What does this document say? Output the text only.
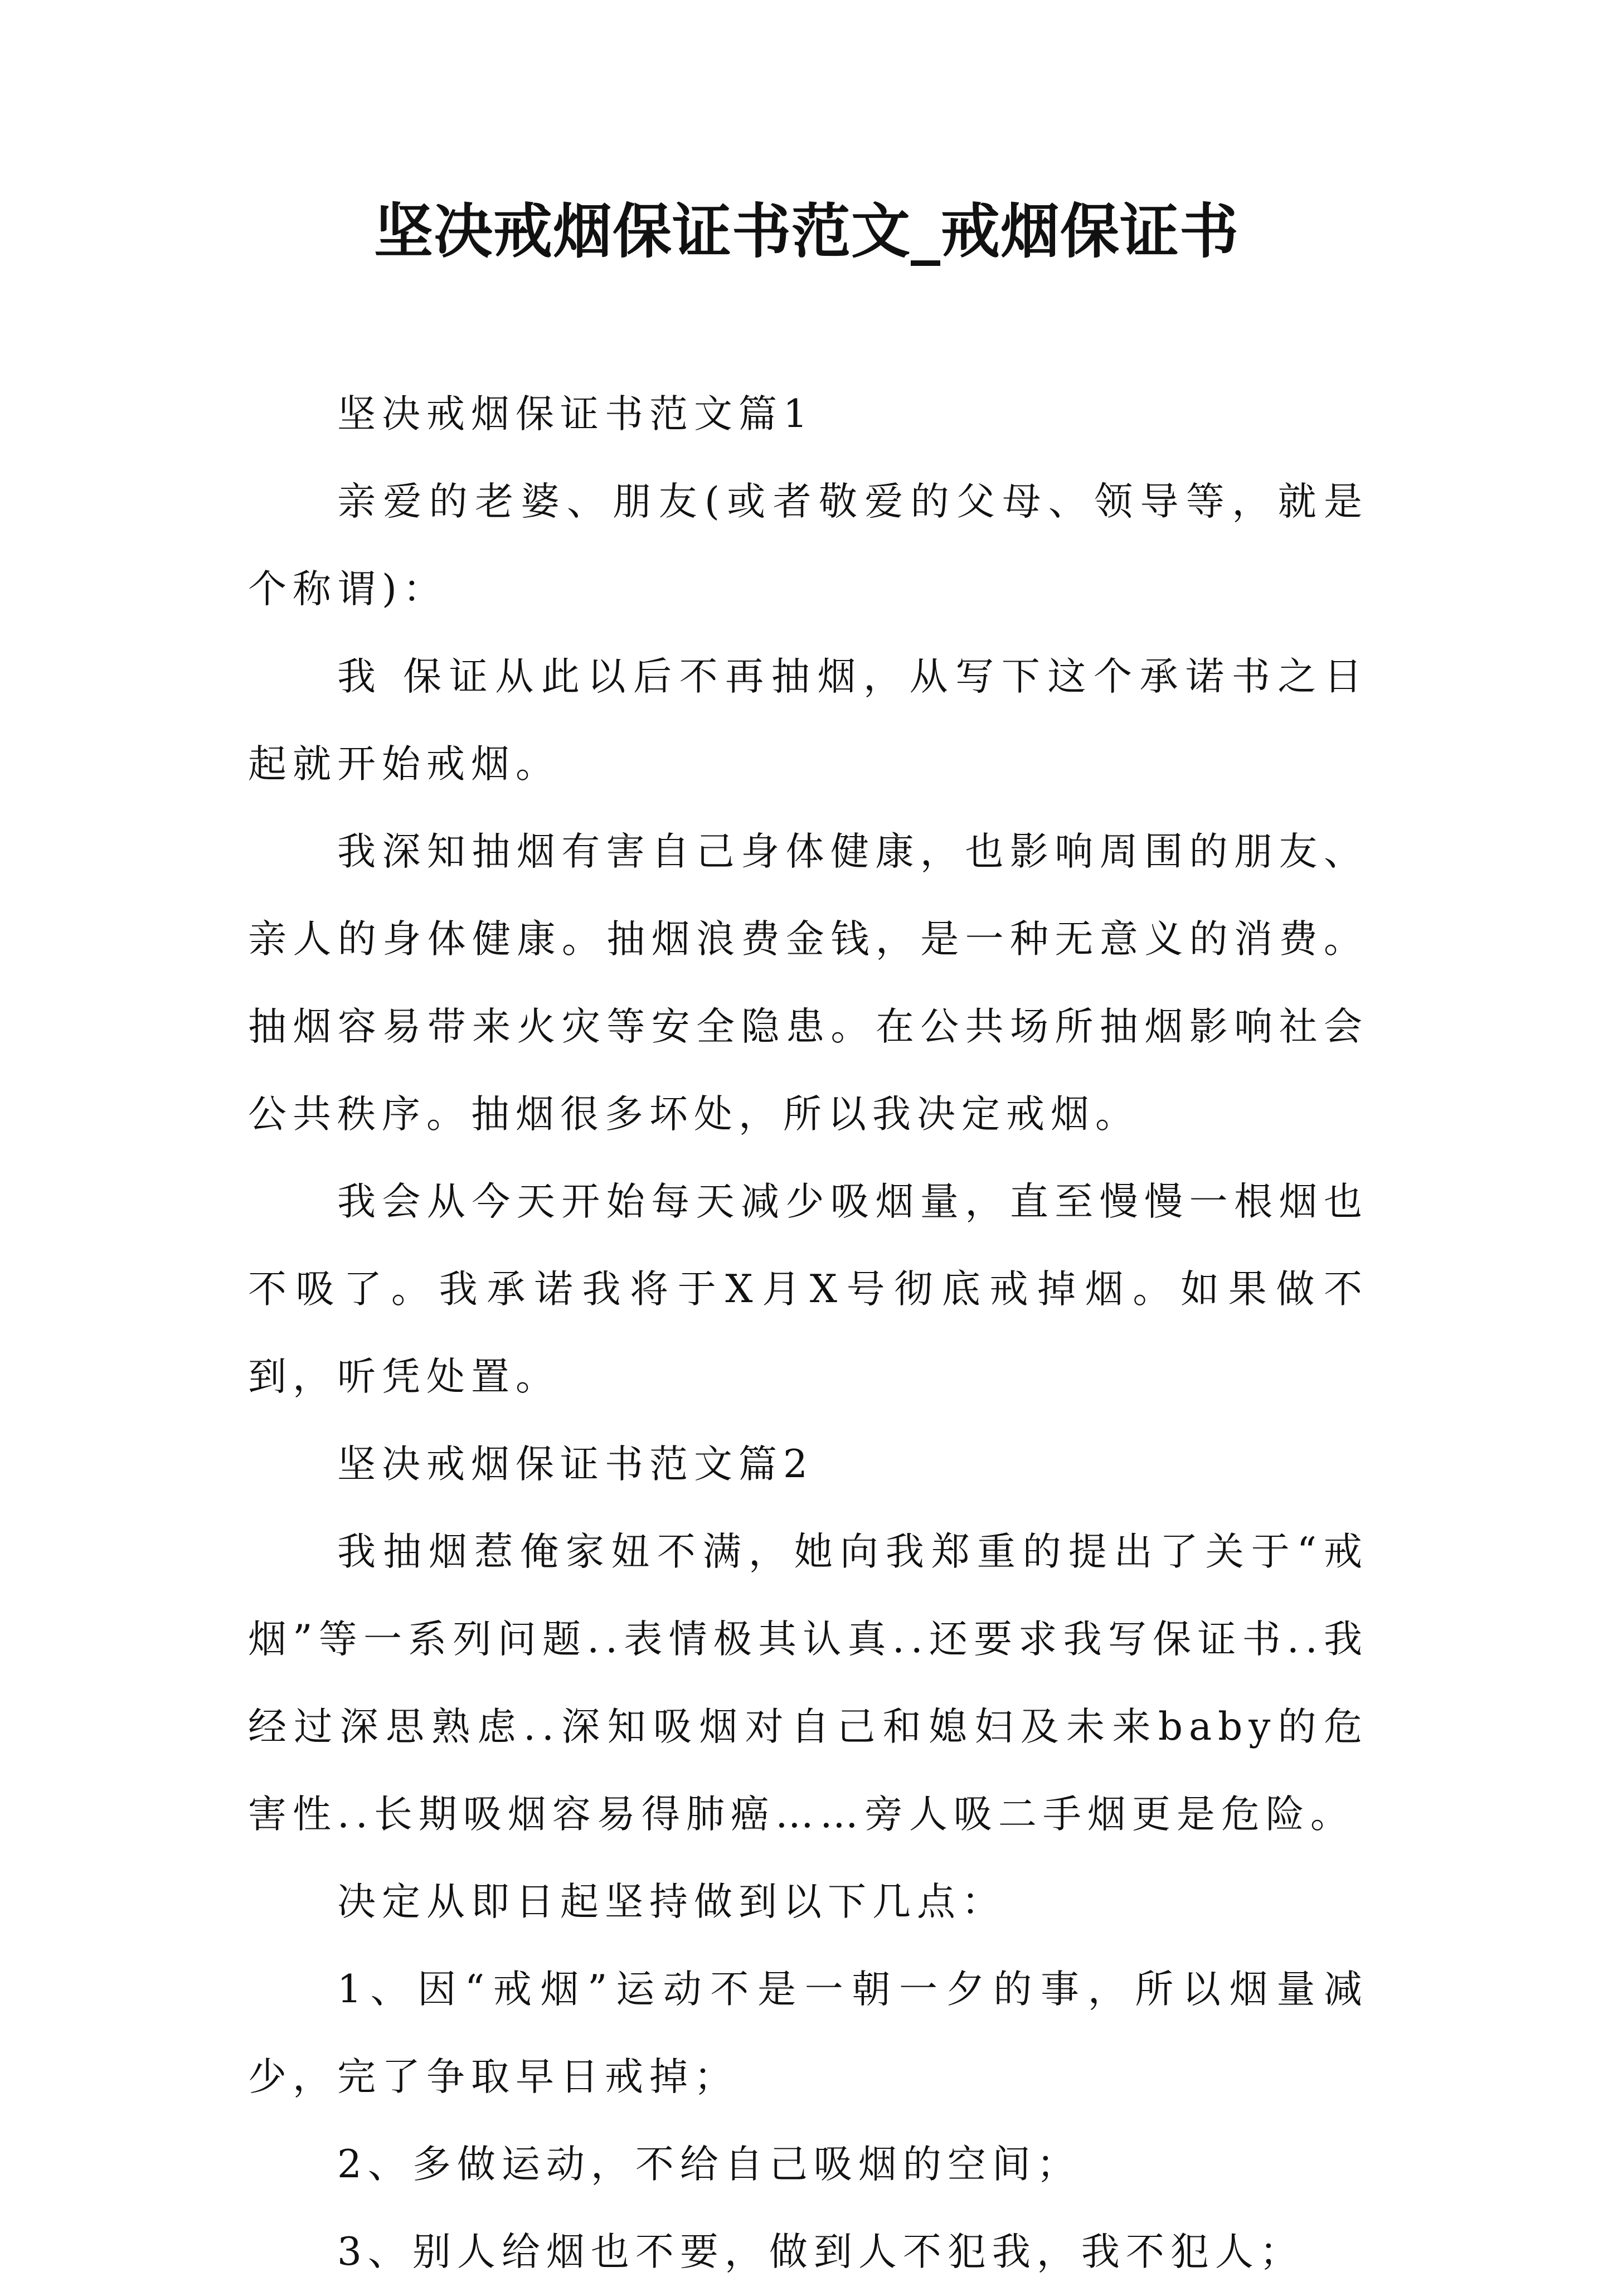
坚决戒烟保证书范文_戒烟保证书

坚决戒烟保证书范文篇1

亲爱的老婆、朋友(或者敬爱的父母、领导等，就是个称谓)：

我 保证从此以后不再抽烟，从写下这个承诺书之日起就开始戒烟。

我深知抽烟有害自己身体健康，也影响周围的朋友、亲人的身体健康。抽烟浪费金钱，是一种无意义的消费。抽烟容易带来火灾等安全隐患。在公共场所抽烟影响社会公共秩序。抽烟很多坏处，所以我决定戒烟。

我会从今天开始每天减少吸烟量，直至慢慢一根烟也不吸了。我承诺我将于X月X号彻底戒掉烟。如果做不到，听凭处置。

坚决戒烟保证书范文篇2

我抽烟惹俺家妞不满，她向我郑重的提出了关于“戒烟”等一系列问题..表情极其认真..还要求我写保证书..我经过深思熟虑..深知吸烟对自己和媳妇及未来baby的危害性..长期吸烟容易得肺癌……旁人吸二手烟更是危险。

决定从即日起坚持做到以下几点：

1、因“戒烟”运动不是一朝一夕的事，所以烟量减少，完了争取早日戒掉；

2、多做运动，不给自己吸烟的空间；

3、别人给烟也不要，做到人不犯我，我不犯人；
